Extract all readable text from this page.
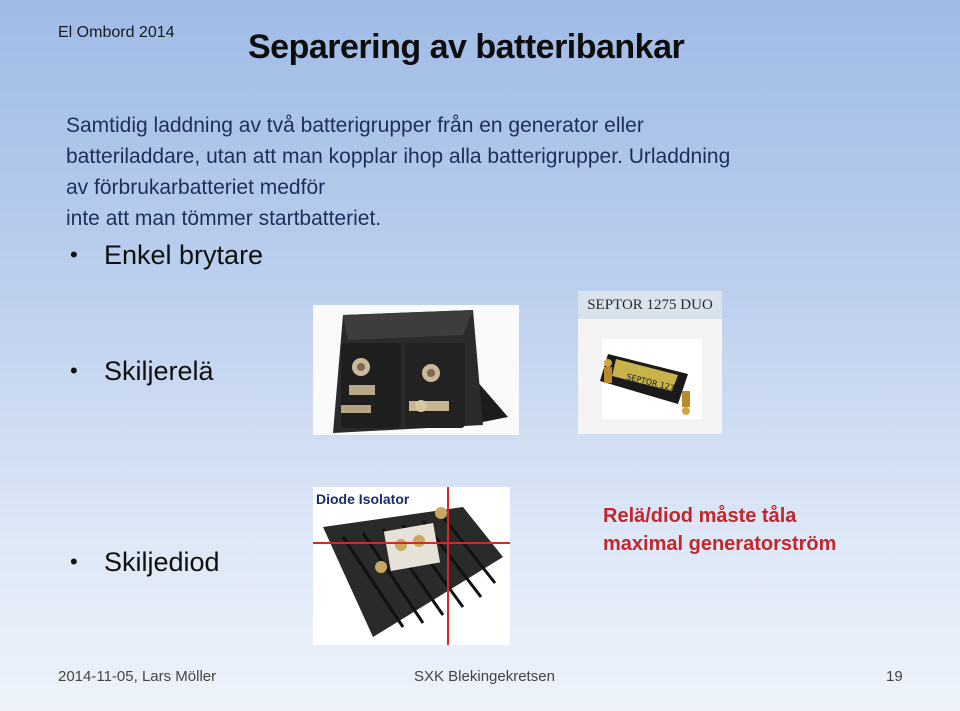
El Ombord 2014 Separering av batteribankar
Samtidig laddning av två batterigrupper från en generator eller
batteriladdare, utan att man kopplar ihop alla batterigrupper. Urladdning
av förbrukarbatteriet medför
inte att man tömmer startbatteriet.
• Enkel brytare
• Skiljerelä
• Skiljediod
SEPTOR 1275 DUO
SEPTOR 1275
Diode Isolator
Relä/diod måste tåla
maximal generatorström
2014-11-05, Lars Möller	SXK Blekingekretsen	19
